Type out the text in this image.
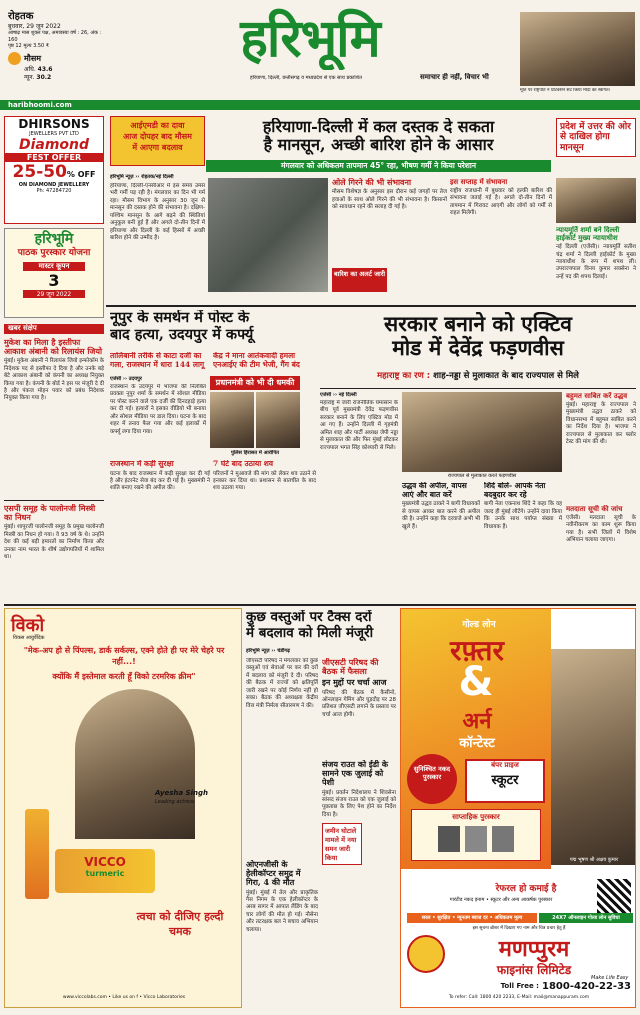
रोहतक
बुधवार, 29 जून 2022
आषाढ़ मास शुक्ल पक्ष, अमावस्या वर्ष : 26, अंक : 160
पृष्ठ 12 मूल्य 3.50 ₹
मौसम
अधि. 43.6
न्यून. 30.2
हरिभूमि
हरियाणा, दिल्ली, छत्तीसगढ़ व मध्यप्रदेश से एक साथ प्रकाशित	समाचार ही नहीं, विचार भी
मूर्ति पर राष्ट्रपति ने प्रोटेक्शन सेट किया मोदी का स्वागत।
haribhoomi.com
DHIRSONS
JEWELLERS PVT LTD
Diamond
FEST OFFER
25-50% OFF
ON DIAMOND JEWELLERY
Ph: 47284720
हरिभूमि
पाठक पुरस्कार योजना
मास्टर कूपन
3
29 जून 2022
खबर संक्षेप
मुकेश का मिला है इस्तीफा आकाश अंबानी को रिलायंस जियो
मुंबई। मुकेश अंबानी ने रिलायंस जियो इन्फोकॉम के निदेशक पद से इस्तीफा दे दिया है और उनके बड़े बेटे आकाश अंबानी को कंपनी का अध्यक्ष नियुक्त किया गया है। कंपनी के बोर्ड ने इस पर मंजूरी दे दी है और पंकज मोहन पवार को प्रबंध निदेशक नियुक्त किया गया है।
एसपी समूह के पालोनजी मिस्त्री का निधन
मुंबई। शापूरजी पालोनजी समूह के प्रमुख पालोनजी मिस्त्री का निधन हो गया। वे 93 वर्ष के थे। उन्होंने देश की कई बड़ी इमारतों का निर्माण किया और उनका नाम भारत के शीर्ष उद्योगपतियों में शामिल था।
आईएमडी का दावा
आज दोपहर बाद मौसम
में आएगा बदलाव
हरियाणा-दिल्ली में कल दस्तक दे सकता
है मानसून, अच्छी बारिश होने के आसार
मंगलवार को अधिकतम तापमान 45° रहा, भीषण गर्मी ने किया परेशान
हरिभूमि न्यूज़ ›› रोहतक/नई दिल्ली
हरियाणा, दिल्ली-एनसीआर में इस समय उमस भरी गर्मी पड़ रही है। मंगलवार का दिन भी गर्म रहा। मौसम विभाग के अनुसार 30 जून से मानसून की दस्तक होने की संभावना है। दक्षिण-पश्चिम मानसून के आगे बढ़ने की स्थितियां अनुकूल बनी हुई हैं और अगले दो-तीन दिनों में हरियाणा और दिल्ली के कई हिस्सों में अच्छी बारिश होने की उम्मीद है।
ओले गिरने की भी संभावना
मौसम विशेषज्ञ के अनुसार इस दौरान कई जगहों पर तेज हवाओं के साथ ओले गिरने की भी संभावना है। किसानों को सावधान रहने की सलाह दी गई है।
बारिश का अलर्ट जारी
इस सप्ताह में संभावना
राष्ट्रीय राजधानी में बुधवार को हल्की बारिश की संभावना जताई गई है। अगले दो-तीन दिनों में तापमान में गिरावट आएगी और लोगों को गर्मी से राहत मिलेगी।
प्रदेश में उत्तर की ओर से दाखिल होगा मानसून
न्यायमूर्ति शर्मा बने दिल्ली हाईकोर्ट मुख्य न्यायाधीश
नई दिल्ली (एजेंसी)। न्यायमूर्ति सतीश चंद्र शर्मा ने दिल्ली हाईकोर्ट के मुख्य न्यायाधीश के रूप में शपथ ली। उपराज्यपाल विनय कुमार सक्सेना ने उन्हें पद की शपथ दिलाई।
नूपुर के समर्थन में पोस्ट के
बाद हत्या, उदयपुर में कर्फ्यू
तालिबानी तरीके से काटा दर्जी का गला, राजस्थान में धारा 144 लागू
केंद्र ने माना आतंकवादी हमला एनआईए की टीम भेजी, गैंग बंद
एजेंसी ›› उदयपुर
राजस्थान के उदयपुर में भाजपा की निलंबित प्रवक्ता नूपुर शर्मा के समर्थन में सोशल मीडिया पर पोस्ट करने वाले एक दर्जी की दिनदहाड़े हत्या कर दी गई। हत्यारों ने इसका वीडियो भी बनाया और सोशल मीडिया पर डाल दिया। घटना के बाद शहर में तनाव फैल गया और कई इलाकों में कर्फ्यू लगा दिया गया।
प्रधानमंत्री को भी दी धमकी
पुलिस हिरासत में आरोपित
राजस्थान में कड़ी सुरक्षा
घटना के बाद राजस्थान में कड़ी सुरक्षा कर दी गई है और इंटरनेट सेवा बंद कर दी गई है। मुख्यमंत्री ने शांति बनाए रखने की अपील की।
7 घंटे बाद उठाया शव
परिजनों ने मुआवजे की मांग को लेकर शव उठाने से इनकार कर दिया था। प्रशासन से बातचीत के बाद शव उठाया गया।
सरकार बनाने को एक्टिव
मोड में देवेंद्र फड़णवीस
महाराष्ट्र का रण : शाह-नड्डा से मुलाकात के बाद राज्यपाल से मिले
एजेंसी ›› नई दिल्ली
महाराष्ट्र में जारी राजनीतिक घमासान के बीच पूर्व मुख्यमंत्री देवेंद्र फड़णवीस सरकार बनाने के लिए एक्टिव मोड में आ गए हैं। उन्होंने दिल्ली में गृहमंत्री अमित शाह और पार्टी अध्यक्ष जेपी नड्डा से मुलाकात की और फिर मुंबई लौटकर राज्यपाल भगत सिंह कोश्यारी से मिले।
राज्यपाल से मुलाकात करते फड़णवीस
उद्धव की अपील, वापस आएं और बात करें
मुख्यमंत्री उद्धव ठाकरे ने बागी विधायकों से वापस आकर बात करने की अपील की है। उन्होंने कहा कि दरवाजे अभी भी खुले हैं।
शिंदे बोले- आपके नेता बदबुदार कर रहे
बागी नेता एकनाथ शिंदे ने कहा कि वह जल्द ही मुंबई लौटेंगे। उन्होंने दावा किया कि उनके साथ पर्याप्त संख्या में विधायक हैं।
बहुमत साबित करें उद्धव
मुंबई। महाराष्ट्र के राज्यपाल ने मुख्यमंत्री उद्धव ठाकरे को विधानसभा में बहुमत साबित करने का निर्देश दिया है। भाजपा ने राज्यपाल से मुलाकात कर फ्लोर टेस्ट की मांग की थी।
मतदाता सूची की जांच
एजेंसी। मतदाता सूची के नवीनीकरण का काम शुरू किया गया है। सभी जिलों में विशेष अभियान चलाया जाएगा।
विको
विकस आयुर्वेदिक
"मेक-अप हो से पिंपल्स, डार्क सर्कल्स, एक्ने होते ही पर मेरे चेहरे पर नहीं...!
क्योंकि मैं इस्तेमाल करती हूँ विको टरमरिक क्रीम"
Ayesha Singh
Leading actress
VICCO
turmeric
त्वचा को दीजिए हल्दी चमक
www.viccolabs.com • Like us on f • Vicco Laboratories
कुछ वस्तुओं पर टैक्स दरों
में बदलाव को मिली मंजूरी
हरिभूमि न्यूज़ ›› चंडीगढ़
जीएसटी परिषद ने मंगलवार को कुछ वस्तुओं एवं सेवाओं पर कर की दरों में बदलाव को मंजूरी दे दी। परिषद की बैठक में राज्यों को क्षतिपूर्ति जारी रखने पर कोई निर्णय नहीं हो सका। बैठक की अध्यक्षता केंद्रीय वित्त मंत्री निर्मला सीतारमण ने की।
जीएसटी परिषद की बैठक में फैसला
इन मुद्दों पर चर्चा आज
परिषद की बैठक में कैसीनो, ऑनलाइन गेमिंग और घुड़दौड़ पर 28 प्रतिशत जीएसटी लगाने के प्रस्ताव पर चर्चा आज होगी।
ओएनजीसी के हेलीकॉप्टर समुद्र में गिरा, 4 की मौत
मुंबई। मुंबई में तेल और प्राकृतिक गैस निगम के एक हेलीकॉप्टर के अरब सागर में आपात लैंडिंग के बाद चार लोगों की मौत हो गई। नौसेना और तटरक्षक बल ने बचाव अभियान चलाया।
संजय राउत को ईडी के सामने एक जुलाई को पेशी
मुंबई। प्रवर्तन निदेशालय ने शिवसेना सांसद संजय राउत को एक जुलाई को पूछताछ के लिए पेश होने का निर्देश दिया है।
जमीन घोटाले मामले में नया समन जारी किया
गोल्ड लोन
रफ़्तर
&
अर्न
कॉन्टेस्ट
सुनिश्चित नकद पुरस्कार
बंपर प्राइज
स्कूटर
साप्ताहिक पुरस्कार
पद्म भूषण श्री अक्षय कुमार
रेफरल हो कमाई है
गारंटीड नकद इनाम • स्कूटर और अन्य आकर्षक पुरस्कार
सरल • सुरक्षित • न्यूनतम ब्याज दर • अधिकतम मूल्य	24X7 ऑनलाइन गोल्ड लोन सुविधा
इस सूचना ब्रोशर में दिखाए गए नाम और चित्र प्रचार हेतु हैं
मणप्पुरम
फाइनांस लिमिटेड
Make Life Easy
Toll Free : 1800-420-22-33
To refer: Call: 1800 420 2233, E-Mail: mail@manappuram.com
